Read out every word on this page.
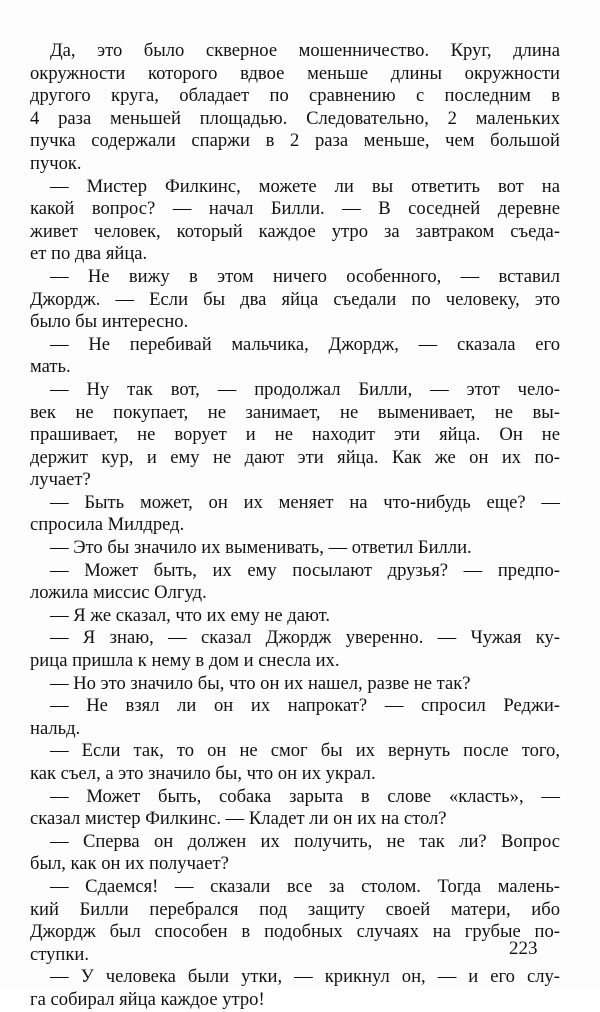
Да, это было скверное мошенничество. Круг, длина
окружности которого вдвое меньше длины окружности
другого круга, обладает по сравнению с последним в
4 раза меньшей площадью. Следовательно, 2 маленьких
пучка содержали спаржи в 2 раза меньше, чем большой
пучок.
— Мистер Филкинс, можете ли вы ответить вот на
какой вопрос? — начал Билли. — В соседней деревне
живет человек, который каждое утро за завтраком съеда-
ет по два яйца.
— Не вижу в этом ничего особенного, — вставил
Джордж. — Если бы два яйца съедали по человеку, это
было бы интересно.
— Не перебивай мальчика, Джордж, — сказала его
мать.
— Ну так вот, — продолжал Билли, — этот чело-
век не покупает, не занимает, не выменивает, не вы-
прашивает, не ворует и не находит эти яйца. Он не
держит кур, и ему не дают эти яйца. Как же он их по-
лучает?
— Быть может, он их меняет на что-нибудь еще? —
спросила Милдред.
— Это бы значило их выменивать, — ответил Билли.
— Может быть, их ему посылают друзья? — предпо-
ложила миссис Олгуд.
— Я же сказал, что их ему не дают.
— Я знаю, — сказал Джордж уверенно. — Чужая ку-
рица пришла к нему в дом и снесла их.
— Но это значило бы, что он их нашел, разве не так?
— Не взял ли он их напрокат? — спросил Реджи-
нальд.
— Если так, то он не смог бы их вернуть после того,
как съел, а это значило бы, что он их украл.
— Может быть, собака зарыта в слове «класть», —
сказал мистер Филкинс. — Кладет ли он их на стол?
— Сперва он должен их получить, не так ли? Вопрос
был, как он их получает?
— Сдаемся! — сказали все за столом. Тогда малень-
кий Билли перебрался под защиту своей матери, ибо
Джордж был способен в подобных случаях на грубые по-
ступки.
— У человека были утки, — крикнул он, — и его слу-
га собирал яйца каждое утро!
223
